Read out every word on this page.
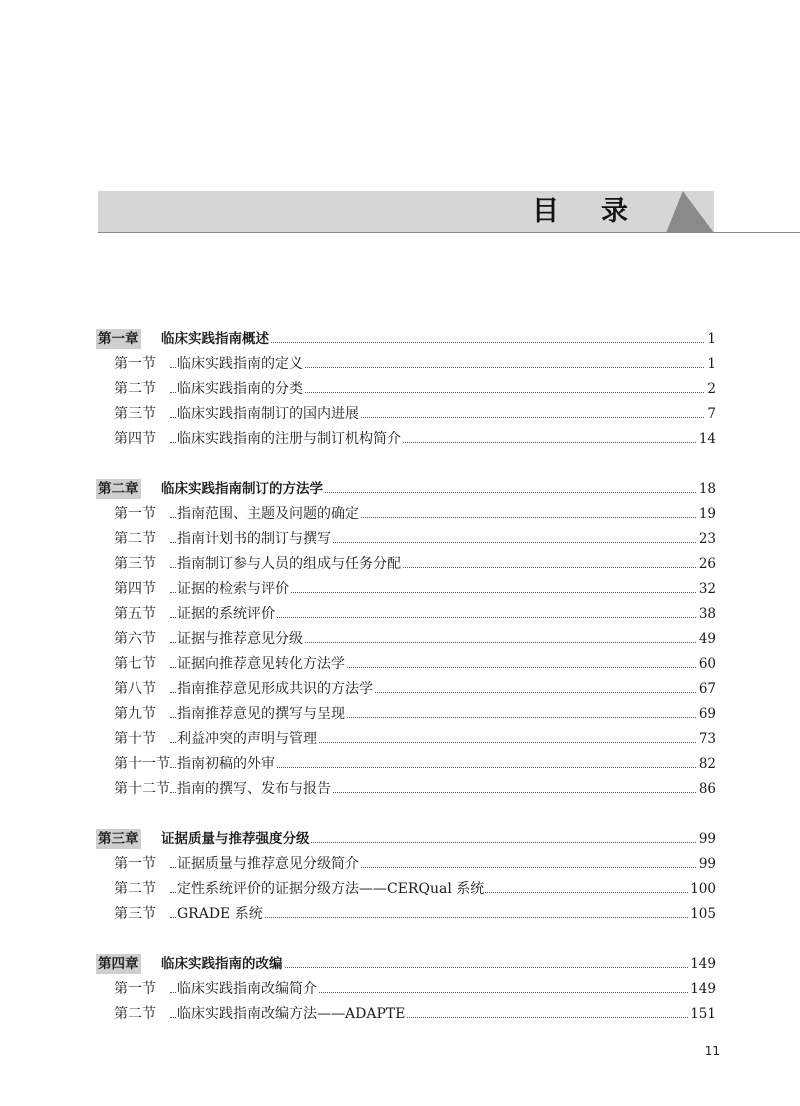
目录
第一章 临床实践指南概述	1
第一节 临床实践指南的定义	1
第二节 临床实践指南的分类	2
第三节 临床实践指南制订的国内进展	7
第四节 临床实践指南的注册与制订机构简介	14
第二章 临床实践指南制订的方法学	18
第一节 指南范围、主题及问题的确定	19
第二节 指南计划书的制订与撰写	23
第三节 指南制订参与人员的组成与任务分配	26
第四节 证据的检索与评价	32
第五节 证据的系统评价	38
第六节 证据与推荐意见分级	49
第七节 证据向推荐意见转化方法学	60
第八节 指南推荐意见形成共识的方法学	67
第九节 指南推荐意见的撰写与呈现	69
第十节 利益冲突的声明与管理	73
第十一节 指南初稿的外审	82
第十二节 指南的撰写、发布与报告	86
第三章 证据质量与推荐强度分级	99
第一节 证据质量与推荐意见分级简介	99
第二节 定性系统评价的证据分级方法——CERQual 系统	100
第三节 GRADE 系统	105
第四章 临床实践指南的改编	149
第一节 临床实践指南改编简介	149
第二节 临床实践指南改编方法——ADAPTE	151
11
